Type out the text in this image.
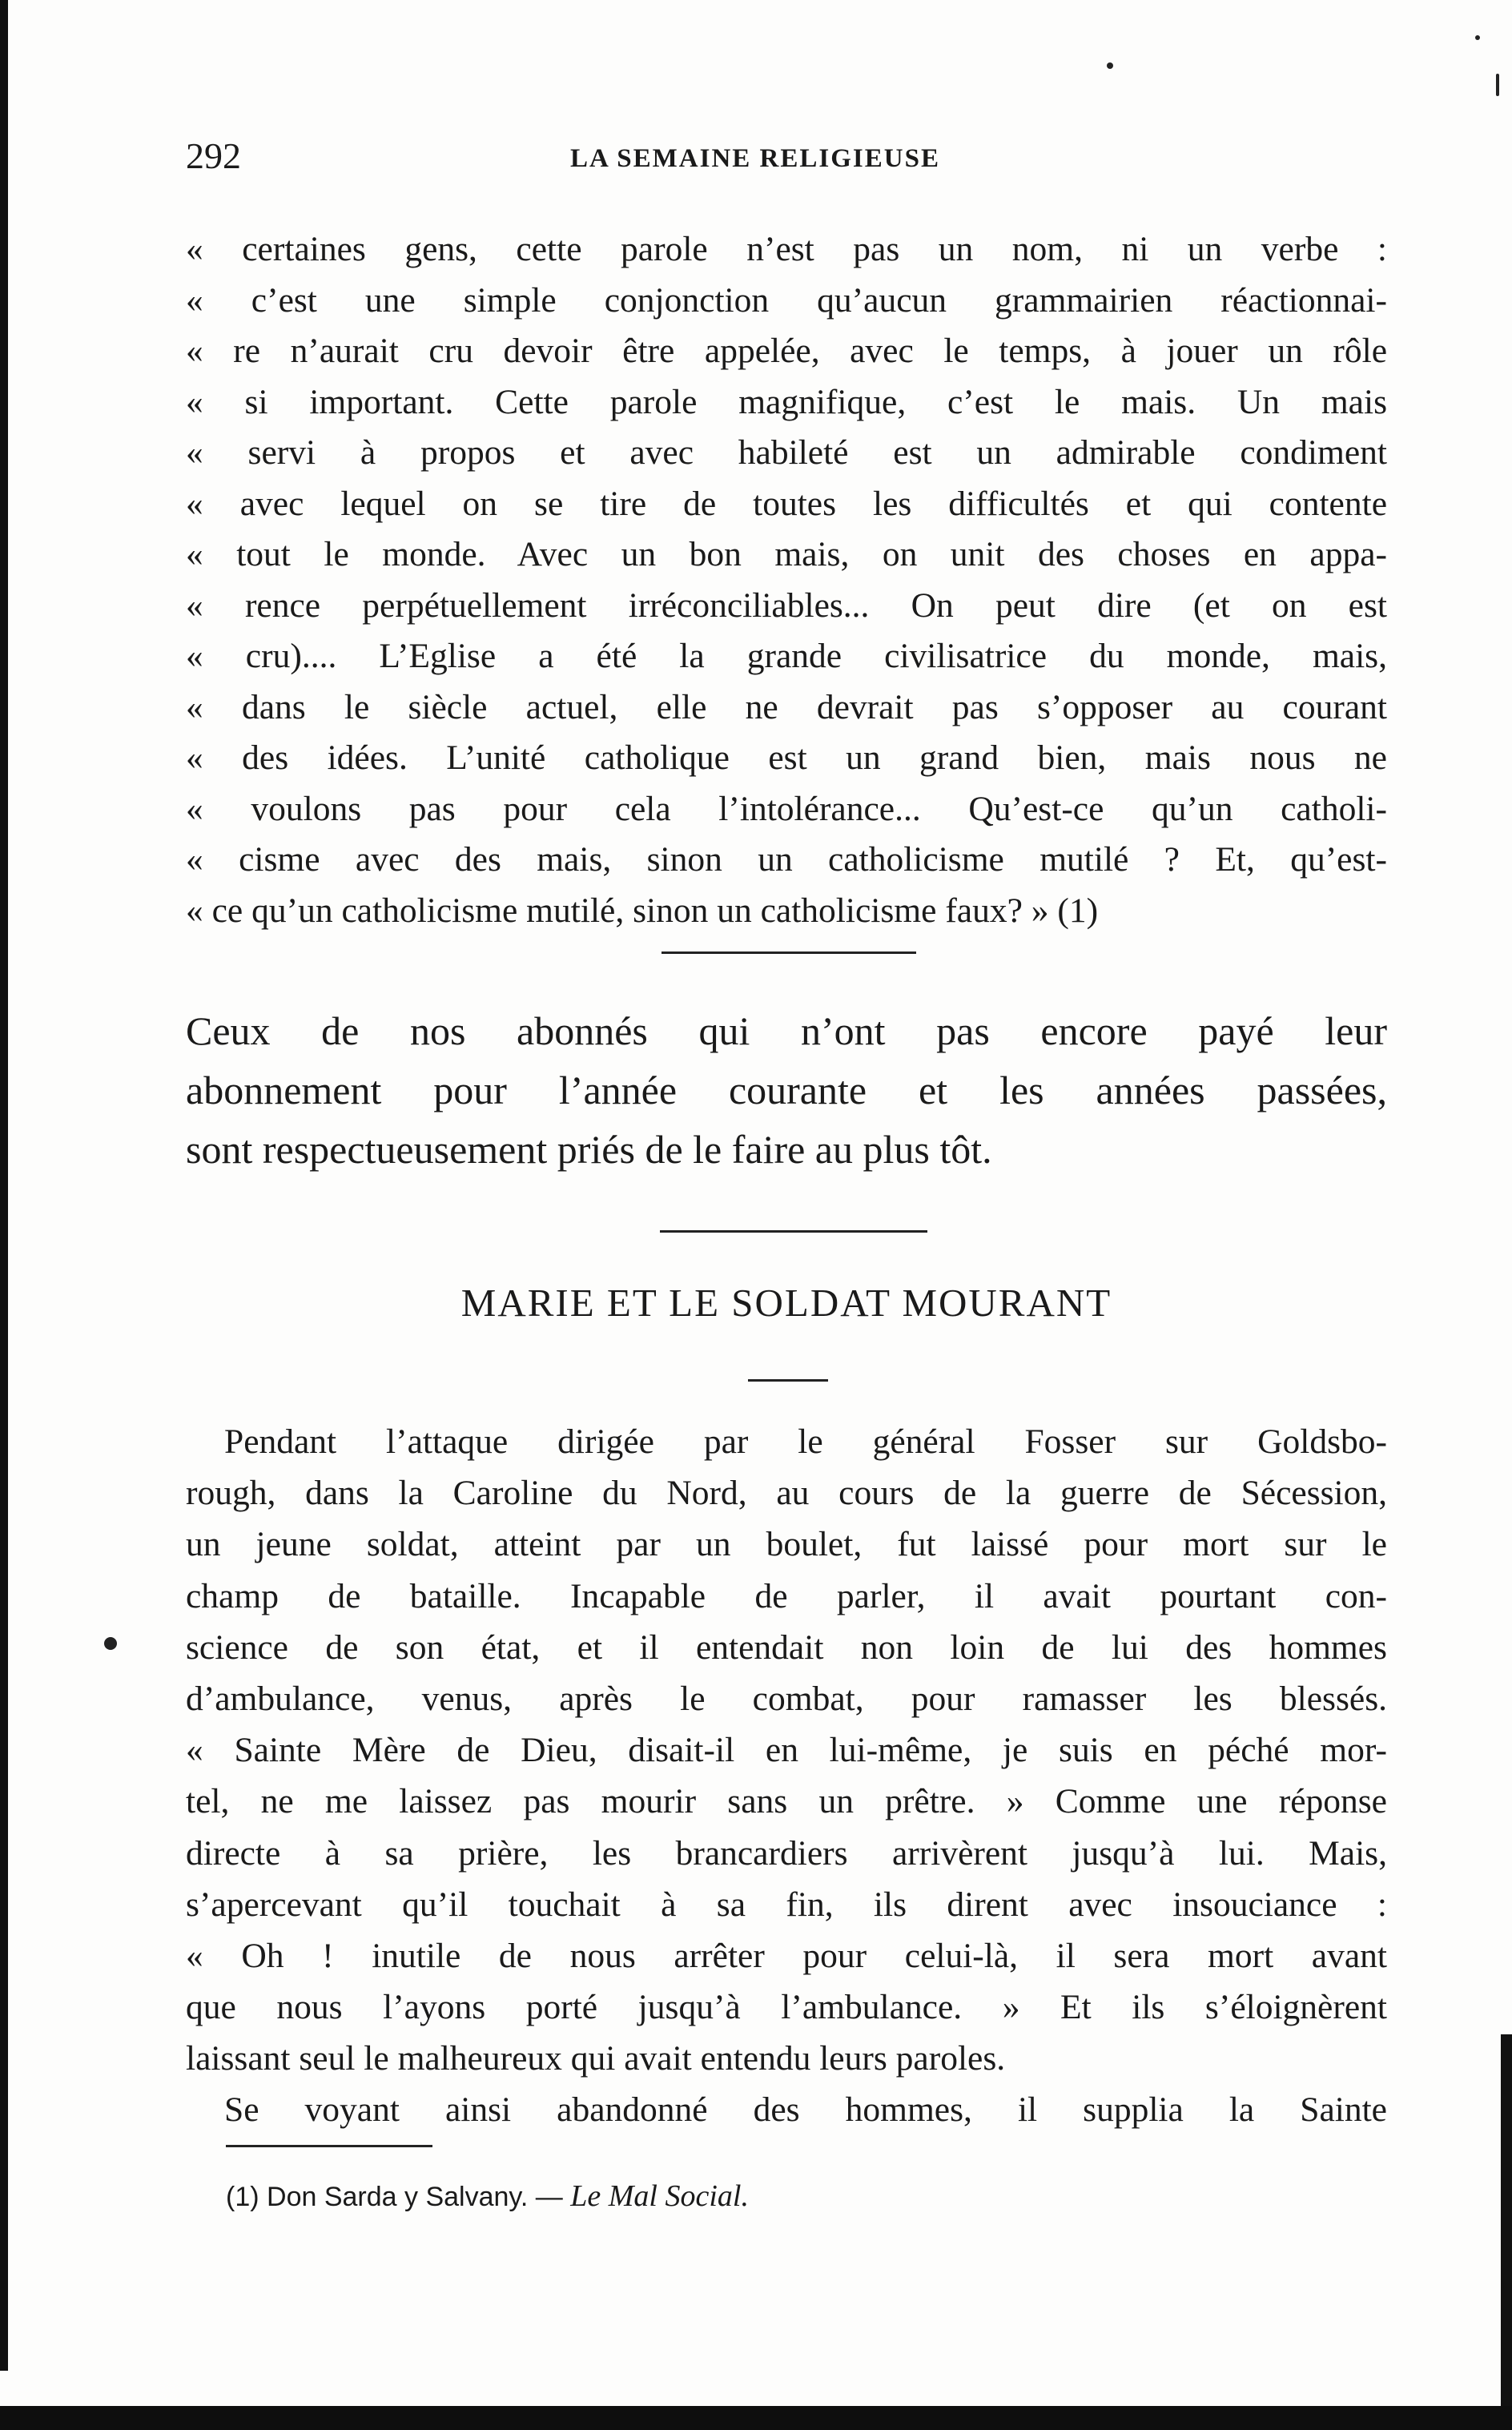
292	LA SEMAINE RELIGIEUSE
« certaines gens, cette parole n’est pas un nom, ni un verbe :
« c’est une simple conjonction qu’aucun grammairien réactionnai-
« re n’aurait cru devoir être appelée, avec le temps, à jouer un rôle
« si important. Cette parole magnifique, c’est le mais. Un mais
« servi à propos et avec habileté est un admirable condiment
« avec lequel on se tire de toutes les difficultés et qui contente
« tout le monde. Avec un bon mais, on unit des choses en appa-
« rence perpétuellement irréconciliables... On peut dire (et on est
« cru).... L’Eglise a été la grande civilisatrice du monde, mais,
« dans le siècle actuel, elle ne devrait pas s’opposer au courant
« des idées. L’unité catholique est un grand bien, mais nous ne
« voulons pas pour cela l’intolérance... Qu’est-ce qu’un catholi-
« cisme avec des mais, sinon un catholicisme mutilé ? Et, qu’est-
« ce qu’un catholicisme mutilé, sinon un catholicisme faux? » (1)
Ceux de nos abonnés qui n’ont pas encore payé leur
abonnement pour l’année courante et les années passées,
sont respectueusement priés de le faire au plus tôt.
MARIE ET LE SOLDAT MOURANT
Pendant l’attaque dirigée par le général Fosser sur Goldsbo-
rough, dans la Caroline du Nord, au cours de la guerre de Sécession,
un jeune soldat, atteint par un boulet, fut laissé pour mort sur le
champ de bataille. Incapable de parler, il avait pourtant con-
science de son état, et il entendait non loin de lui des hommes
d’ambulance, venus, après le combat, pour ramasser les blessés.
« Sainte Mère de Dieu, disait-il en lui-même, je suis en péché mor-
tel, ne me laissez pas mourir sans un prêtre. » Comme une réponse
directe à sa prière, les brancardiers arrivèrent jusqu’à lui. Mais,
s’apercevant qu’il touchait à sa fin, ils dirent avec insouciance :
« Oh ! inutile de nous arrêter pour celui-là, il sera mort avant
que nous l’ayons porté jusqu’à l’ambulance. » Et ils s’éloignèrent
laissant seul le malheureux qui avait entendu leurs paroles.
Se voyant ainsi abandonné des hommes, il supplia la Sainte
(1) Don Sarda y Salvany. — Le Mal Social.
